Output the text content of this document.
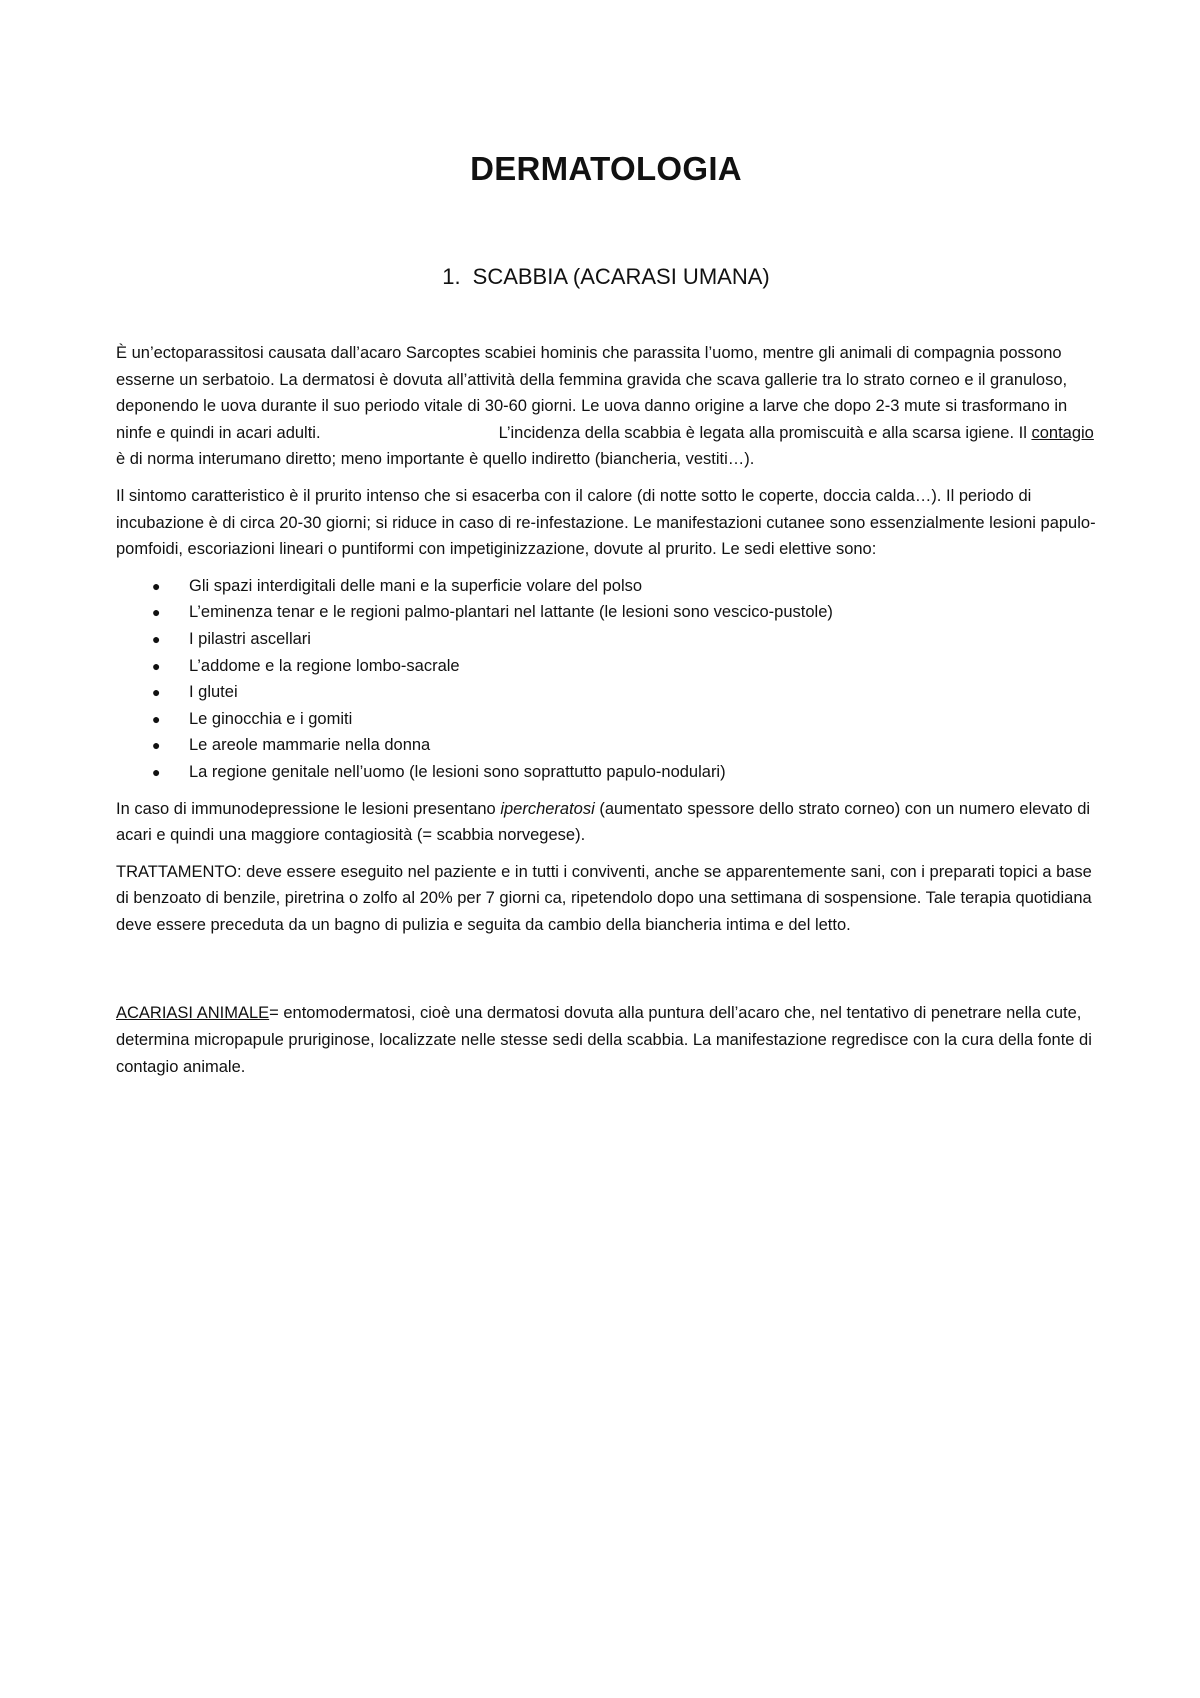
DERMATOLOGIA
1. SCABBIA (ACARASI UMANA)

È un’ectoparassitosi causata dall’acaro Sarcoptes scabiei hominis che parassita l’uomo, mentre gli animali di compagnia possono esserne un serbatoio. La dermatosi è dovuta all’attività della femmina gravida che scava gallerie tra lo strato corneo e il granuloso, deponendo le uova durante il suo periodo vitale di 30-60 giorni. Le uova danno origine a larve che dopo 2-3 mute si trasformano in ninfe e quindi in acari adulti.	L’incidenza della scabbia è legata alla promiscuità e alla scarsa igiene. Il contagio è di norma interumano diretto; meno importante è quello indiretto (biancheria, vestiti…).

Il sintomo caratteristico è il prurito intenso che si esacerba con il calore (di notte sotto le coperte, doccia calda…). Il periodo di incubazione è di circa 20-30 giorni; si riduce in caso di re-infestazione. Le manifestazioni cutanee sono essenzialmente lesioni papulo-pomfoidi, escoriazioni lineari o puntiformi con impetiginizzazione, dovute al prurito. Le sedi elettive sono:

● Gli spazi interdigitali delle mani e la superficie volare del polso
● L’eminenza tenar e le regioni palmo-plantari nel lattante (le lesioni sono vescico-pustole)
● I pilastri ascellari
● L’addome e la regione lombo-sacrale
● I glutei
● Le ginocchia e i gomiti
● Le areole mammarie nella donna
● La regione genitale nell’uomo (le lesioni sono soprattutto papulo-nodulari)

In caso di immunodepressione le lesioni presentano ipercheratosi (aumentato spessore dello strato corneo) con un numero elevato di acari e quindi una maggiore contagiosità (= scabbia norvegese).

TRATTAMENTO: deve essere eseguito nel paziente e in tutti i conviventi, anche se apparentemente sani, con i preparati topici a base di benzoato di benzile, piretrina o zolfo al 20% per 7 giorni ca, ripetendolo dopo una settimana di sospensione. Tale terapia quotidiana deve essere preceduta da un bagno di pulizia e seguita da cambio della biancheria intima e del letto.

ACARIASI ANIMALE= entomodermatosi, cioè una dermatosi dovuta alla puntura dell’acaro che, nel tentativo di penetrare nella cute, determina micropapule pruriginose, localizzate nelle stesse sedi della scabbia. La manifestazione regredisce con la cura della fonte di contagio animale.
